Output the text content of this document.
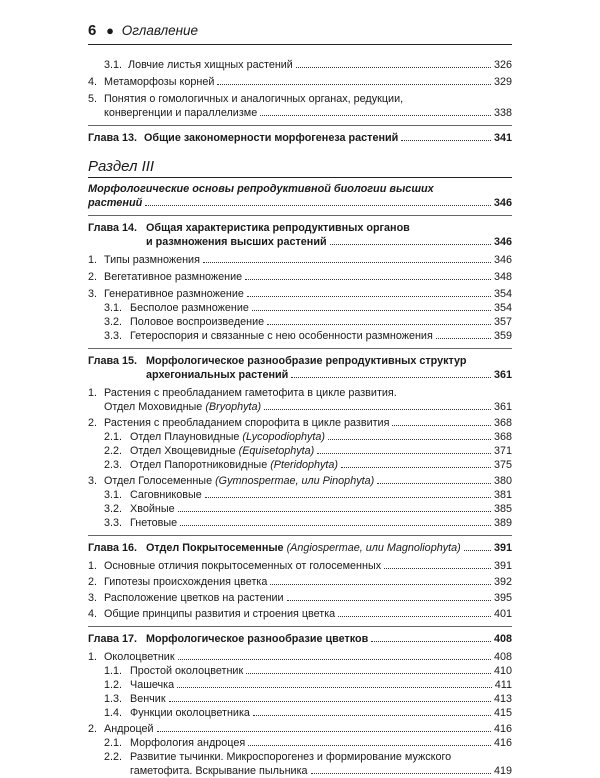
6 ● Оглавление
3.1. Ловчие листья хищных растений	326
4. Метаморфозы корней	329
5. Понятия о гомологичных и аналогичных органах, редукции,
конвергенции и параллелизме	338
Глава 13. Общие закономерности морфогенеза растений	341
Раздел III
Морфологические основы репродуктивной биологии высших
растений	346
Глава 14. Общая характеристика репродуктивных органов
и размножения высших растений	346
1. Типы размножения	346
2. Вегетативное размножение	348
3. Генеративное размножение	354
3.1. Бесполое размножение	354
3.2. Половое воспроизведение	357
3.3. Гетероспория и связанные с нею особенности размножения	359
Глава 15. Морфологическое разнообразие репродуктивных структур
архегониальных растений	361
1. Растения с преобладанием гаметофита в цикле развития.
Отдел Моховидные (Bryophyta)	361
2. Растения с преобладанием спорофита в цикле развития	368
2.1. Отдел Плауновидные (Lycopodiophyta)	368
2.2. Отдел Хвощевидные (Equisetophyta)	371
2.3. Отдел Папоротниковидные (Pteridophyta)	375
3. Отдел Голосеменные (Gymnospermae, или Pinophyta)	380
3.1. Саговниковые	381
3.2. Хвойные	385
3.3. Гнетовые	389
Глава 16. Отдел Покрытосеменные (Angiospermae, или Magnoliophyta)	391
1. Основные отличия покрытосеменных от голосеменных	391
2. Гипотезы происхождения цветка	392
3. Расположение цветков на растении	395
4. Общие принципы развития и строения цветка	401
Глава 17. Морфологическое разнообразие цветков	408
1. Околоцветник	408
1.1. Простой околоцветник	410
1.2. Чашечка	411
1.3. Венчик	413
1.4. Функции околоцветника	415
2. Андроцей	416
2.1. Морфология андроцея	416
2.2. Развитие тычинки. Микроспорогенез и формирование мужского
гаметофита. Вскрывание пыльника	419
